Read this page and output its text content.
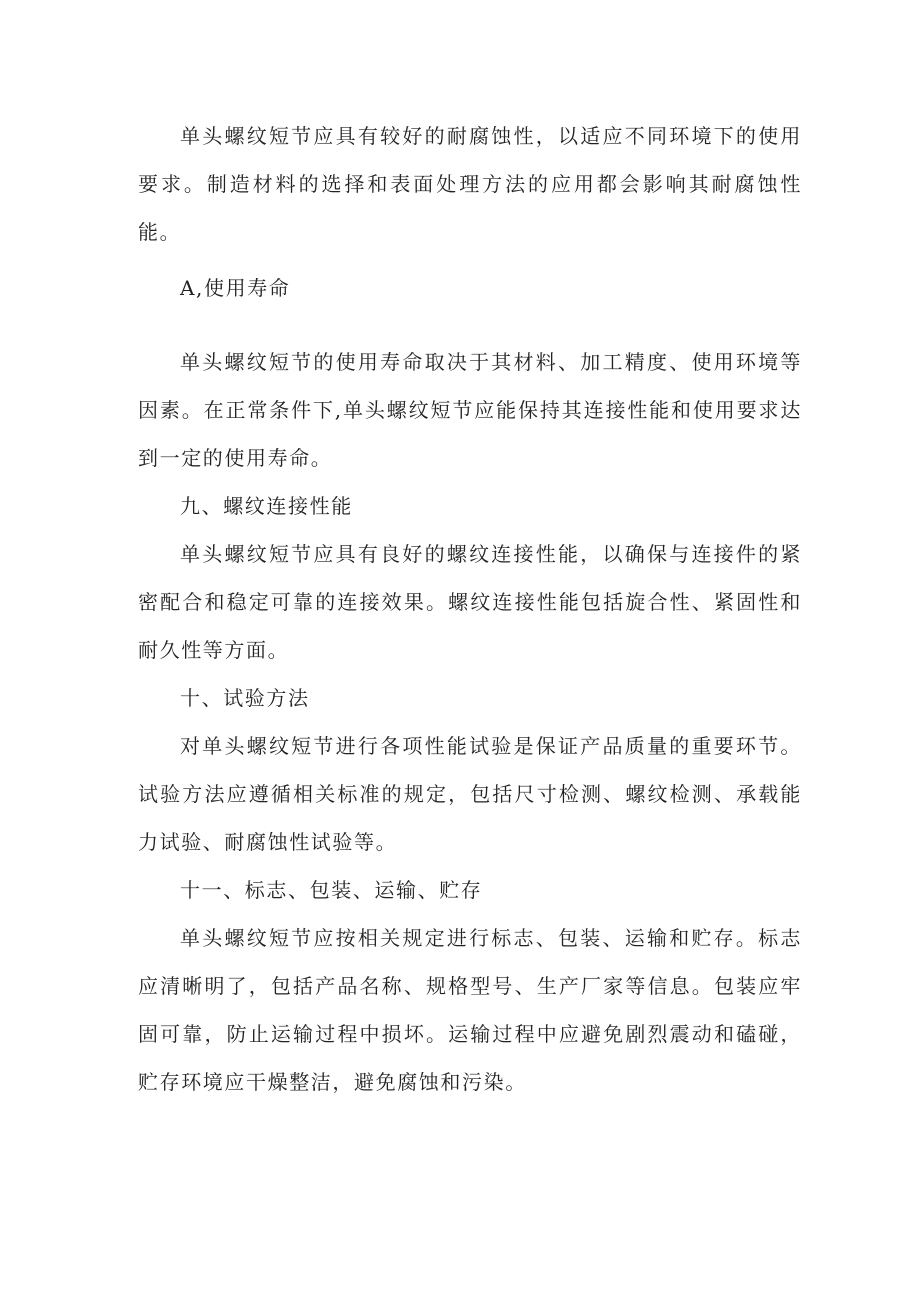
单头螺纹短节应具有较好的耐腐蚀性，以适应不同环境下的使用要求。制造材料的选择和表面处理方法的应用都会影响其耐腐蚀性能。

A,使用寿命

单头螺纹短节的使用寿命取决于其材料、加工精度、使用环境等因素。在正常条件下,单头螺纹短节应能保持其连接性能和使用要求达到一定的使用寿命。

九、螺纹连接性能

单头螺纹短节应具有良好的螺纹连接性能，以确保与连接件的紧密配合和稳定可靠的连接效果。螺纹连接性能包括旋合性、紧固性和耐久性等方面。

十、试验方法

对单头螺纹短节进行各项性能试验是保证产品质量的重要环节。试验方法应遵循相关标准的规定，包括尺寸检测、螺纹检测、承载能力试验、耐腐蚀性试验等。

十一、标志、包装、运输、贮存

单头螺纹短节应按相关规定进行标志、包装、运输和贮存。标志应清晰明了，包括产品名称、规格型号、生产厂家等信息。包装应牢固可靠，防止运输过程中损坏。运输过程中应避免剧烈震动和磕碰，贮存环境应干燥整洁，避免腐蚀和污染。
